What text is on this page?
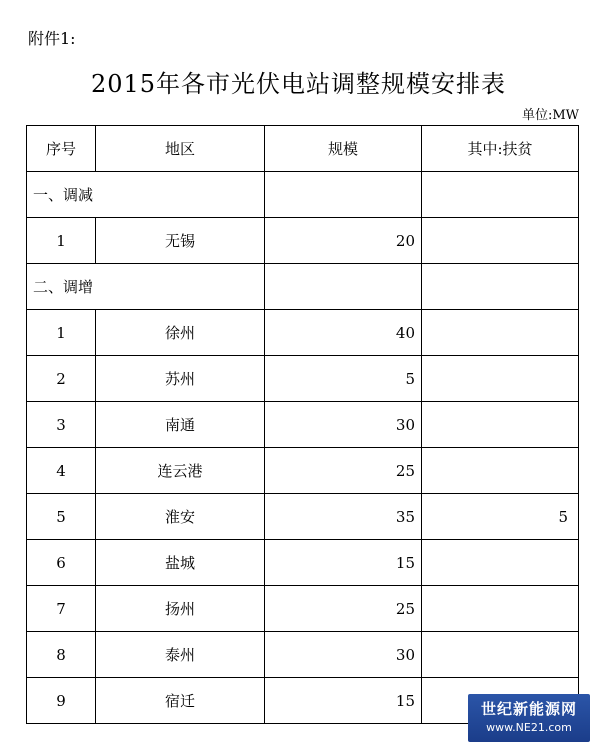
附件1:
2015年各市光伏电站调整规模安排表
单位:MW
序号	地区	规模	其中:扶贫
一、调减			
1	无锡	20	
二、调增			
1	徐州	40	
2	苏州	5	
3	南通	30	
4	连云港	25	
5	淮安	35	5
6	盐城	15	
7	扬州	25	
8	泰州	30	
9	宿迁	15		世纪新能源网
www.NE21.com
